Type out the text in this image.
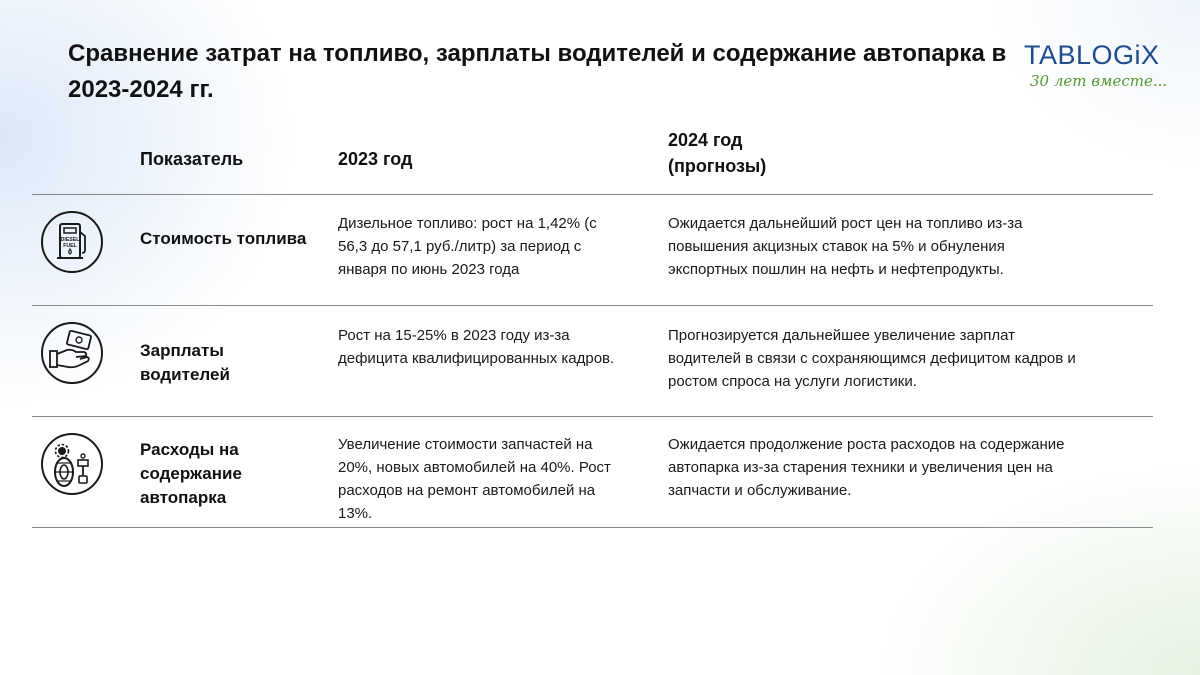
Сравнение затрат на топливо, зарплаты водителей и содержание автопарка в 2023-2024 гг.
TABLOGiX
30 лет вместе...
Показатель	2023 год
2024 год
(прогнозы)
DIESEL
FUEL	Стоимость топлива
Дизельное топливо: рост на 1,42% (с 56,3 до 57,1 руб./литр) за период с января по июнь 2023 года
Ожидается дальнейший рост цен на топливо из-за повышения акцизных ставок на 5% и обнуления экспортных пошлин на нефть и нефтепродукты.
Зарплаты водителей
Рост на 15-25% в 2023 году из-за дефицита квалифицированных кадров.
Прогнозируется дальнейшее увеличение зарплат водителей в связи с сохраняющимся дефицитом кадров и ростом спроса на услуги логистики.
Расходы на содержание автопарка
Увеличение стоимости запчастей на 20%, новых автомобилей на 40%. Рост расходов на ремонт автомобилей на 13%.
Ожидается продолжение роста расходов на содержание автопарка из-за старения техники и увеличения цен на запчасти и обслуживание.
